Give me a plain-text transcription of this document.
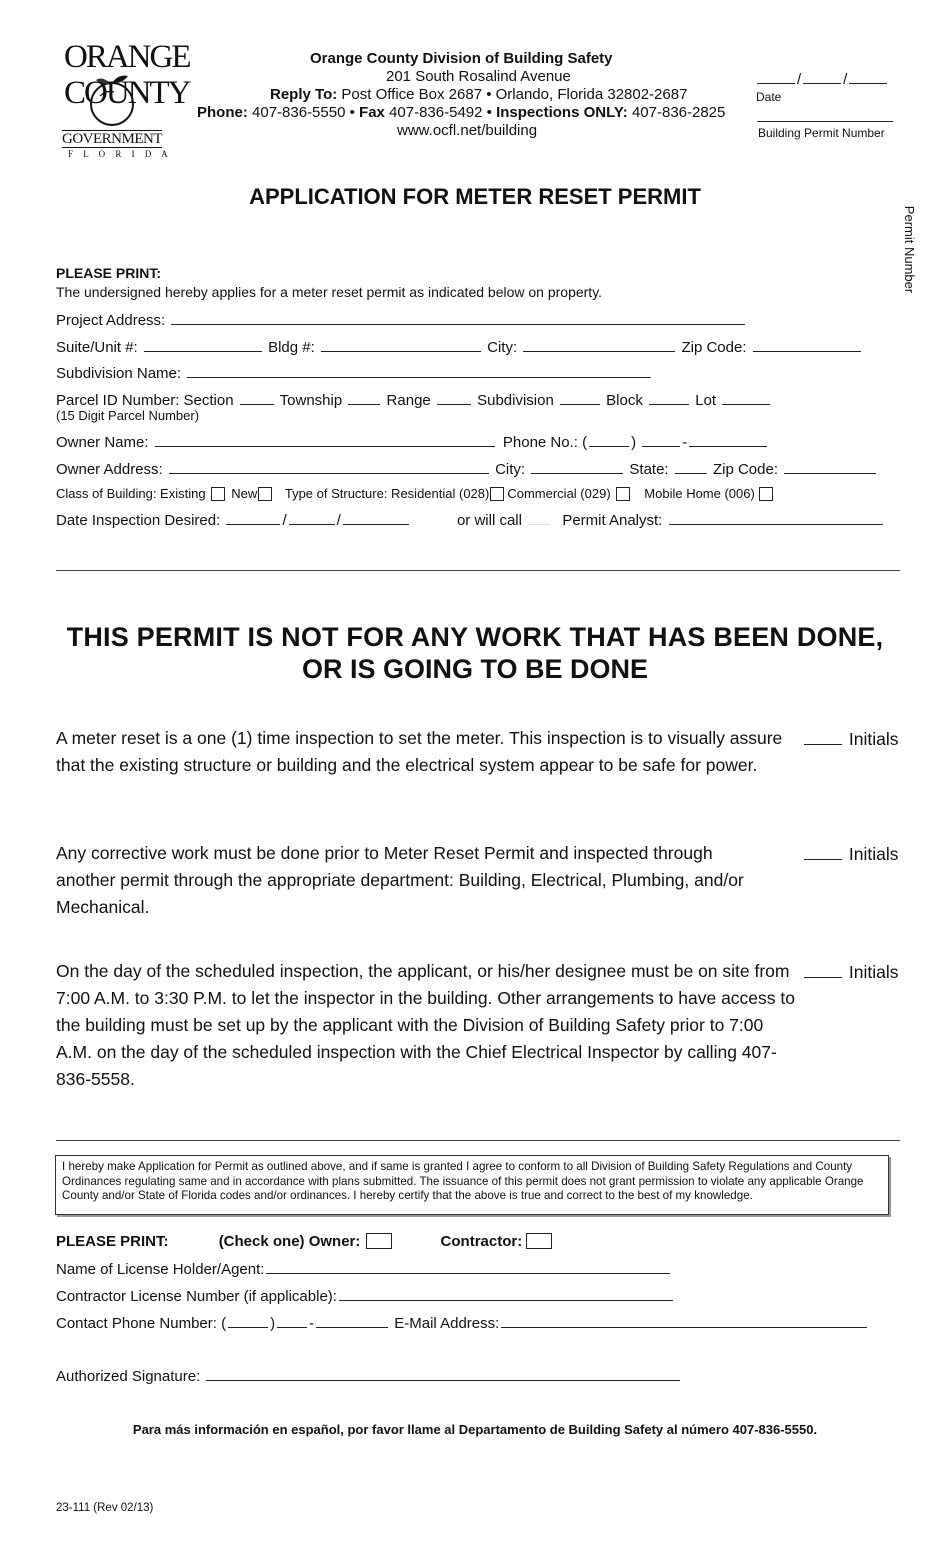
ORANGE
COUNTY
GOVERNMENT
F L O R I D A
Orange County Division of Building Safety
201 South Rosalind Avenue
Reply To: Post Office Box 2687 • Orlando, Florida 32802-2687
Phone: 407-836-5550 • Fax 407-836-5492 • Inspections ONLY: 407-836-2825
www.ocfl.net/building
/	/
Date
Building Permit Number
Permit Number
APPLICATION FOR METER RESET PERMIT
PLEASE PRINT:
The undersigned hereby applies for a meter reset permit as indicated below on property.
Project Address:
Suite/Unit #:	Bldg #:	City:	Zip Code:
Subdivision Name:
Parcel ID Number: Section	Township	Range	Subdivision	Block	Lot
(15 Digit Parcel Number)
Owner Name:	Phone No.: (	)	-
Owner Address:	City:	State:	Zip Code:
Class of Building: Existing New Type of Structure: Residential (028) Commercial (029)	Mobile Home (006)
Date Inspection Desired:	/	/	or will call	Permit Analyst:
THIS PERMIT IS NOT FOR ANY WORK THAT HAS BEEN DONE,
OR IS GOING TO BE DONE
A meter reset is a one (1) time inspection to set the meter. This inspection is to visually assure that the existing structure or building and the electrical system appear to be safe for power.
Initials
Any corrective work must be done prior to Meter Reset Permit and inspected through another permit through the appropriate department: Building, Electrical, Plumbing, and/or Mechanical.
Initials
On the day of the scheduled inspection, the applicant, or his/her designee must be on site from 7:00 A.M. to 3:30 P.M. to let the inspector in the building. Other arrangements to have access to the building must be set up by the applicant with the Division of Building Safety prior to 7:00 A.M. on the day of the scheduled inspection with the Chief Electrical Inspector by calling 407-836-5558.
Initials
I hereby make Application for Permit as outlined above, and if same is granted I agree to conform to all Division of Building Safety Regulations and County Ordinances regulating same and in accordance with plans submitted. The issuance of this permit does not grant permission to violate any applicable Orange County and/or State of Florida codes and/or ordinances. I hereby certify that the above is true and correct to the best of my knowledge.
PLEASE PRINT:	(Check one) Owner:	Contractor:
Name of License Holder/Agent:
Contractor License Number (if applicable):
Contact Phone Number: (	) -	E-Mail Address:
Authorized Signature:
Para más información en español, por favor llame al Departamento de Building Safety al número 407-836-5550.
23-111 (Rev 02/13)
